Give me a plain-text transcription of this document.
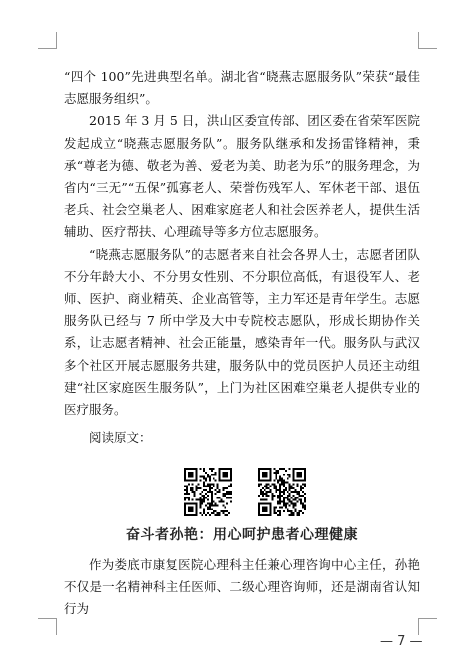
“四个 100”先进典型名单。湖北省“晓燕志愿服务队”荣获“最佳志愿服务组织”。

2015 年 3 月 5 日，洪山区委宣传部、团区委在省荣军医院发起成立“晓燕志愿服务队”。服务队继承和发扬雷锋精神，秉承“尊老为德、敬老为善、爱老为美、助老为乐”的服务理念，为省内“三无”“五保”孤寡老人、荣誉伤残军人、军休老干部、退伍老兵、社会空巢老人、困难家庭老人和社会医养老人，提供生活辅助、医疗帮扶、心理疏导等多方位志愿服务。

“晓燕志愿服务队”的志愿者来自社会各界人士，志愿者团队不分年龄大小、不分男女性别、不分职位高低，有退役军人、老师、医护、商业精英、企业高管等，主力军还是青年学生。志愿服务队已经与 7 所中学及大中专院校志愿队，形成长期协作关系，让志愿者精神、社会正能量，感染青年一代。服务队与武汉多个社区开展志愿服务共建，服务队中的党员医护人员还主动组建“社区家庭医生服务队”，上门为社区困难空巢老人提供专业的医疗服务。

阅读原文：

奋斗者孙艳：用心呵护患者心理健康

作为娄底市康复医院心理科主任兼心理咨询中心主任，孙艳不仅是一名精神科主任医师、二级心理咨询师，还是湖南省认知行为

— 7 —
